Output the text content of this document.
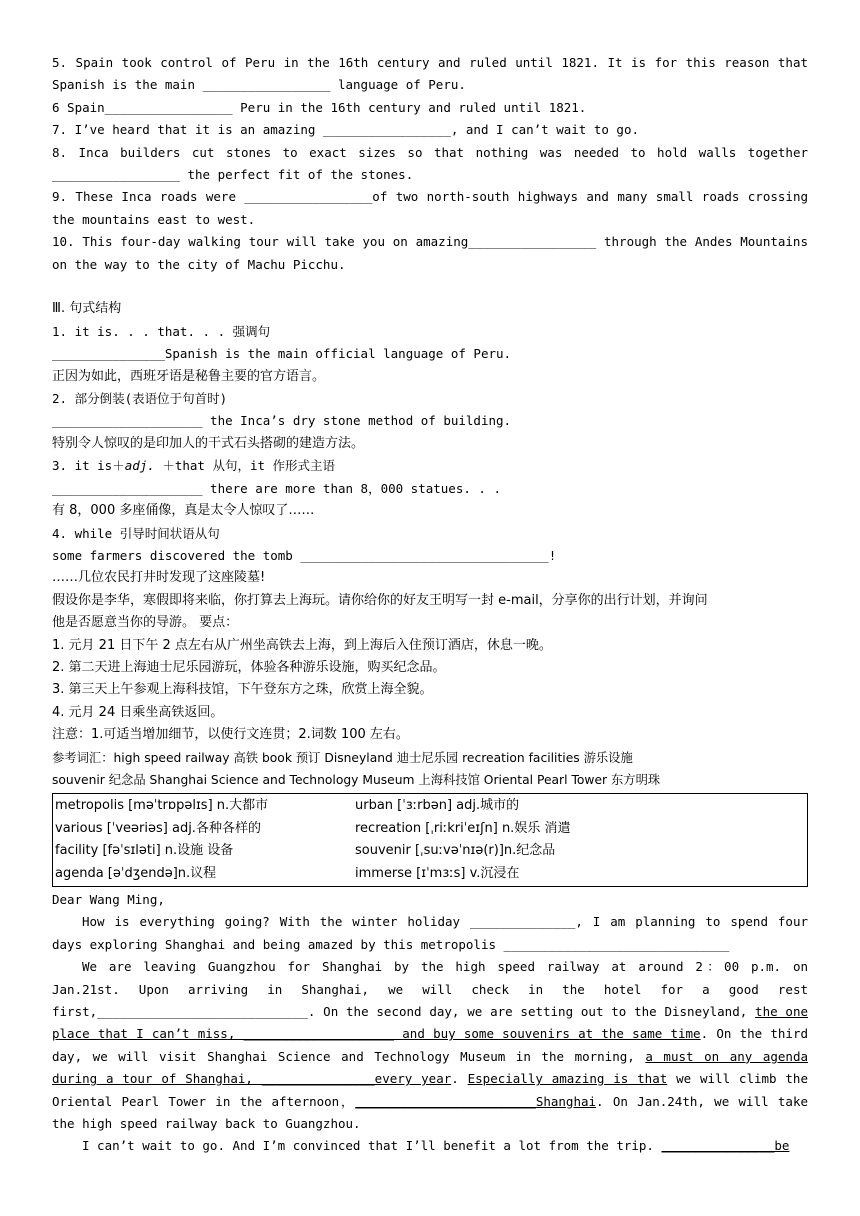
5. Spain took control of Peru in the 16th century and ruled until 1821. It is for this reason that

Spanish is the main _________________ language of Peru.

6 Spain_________________ Peru in the 16th century and ruled until 1821.

7. I’ve heard that it is an amazing _________________, and I can’t wait to go.

8. Inca builders cut stones to exact sizes so that nothing was needed to hold walls together

_________________ the perfect fit of the stones.

9. These Inca roads were _________________of two north-south highways and many small roads crossing

the mountains east to west.

10. This four-day walking tour will take you on amazing_________________ through the Andes Mountains

on the way to the city of Machu Picchu.

Ⅲ. 句式结构

1. it is. . . that. . . 强调句

_______________Spanish is the main official language of Peru.

正因为如此，西班牙语是秘鲁主要的官方语言。

2. 部分倒装(表语位于句首时)

____________________ the Inca’s dry stone method of building.

特别令人惊叹的是印加人的干式石头搭砌的建造方法。

3. it is＋adj. ＋that 从句，it 作形式主语

____________________ there are more than 8，000 statues. . .

有 8，000 多座俑像，真是太令人惊叹了……

4. while 引导时间状语从句

some farmers discovered the tomb _________________________________!

……几位农民打井时发现了这座陵墓!

假设你是李华，寒假即将来临，你打算去上海玩。请你给你的好友王明写一封 e-mail，分享你的出行计划，并询问

他是否愿意当你的导游。 要点：

1. 元月 21 日下午 2 点左右从广州坐高铁去上海，到上海后入住预订酒店，休息一晚。

2. 第二天进上海迪士尼乐园游玩，体验各种游乐设施，购买纪念品。

3. 第三天上午参观上海科技馆，下午登东方之珠，欣赏上海全貌。

4. 元月 24 日乘坐高铁返回。

注意：1.可适当增加细节，以使行文连贯；2.词数 100 左右。

参考词汇：high speed railway 高铁 book 预订 Disneyland 迪士尼乐园 recreation facilities 游乐设施

souvenir 纪念品 Shanghai Science and Technology Museum 上海科技馆 Oriental Pearl Tower 东方明珠

metropolis [məˈtrɒpəlɪs] n.大都市	urban [ˈɜːrbən] adj.城市的
various [ˈveəriəs] adj.各种各样的	recreation [ˌriːkriˈeɪʃn] n.娱乐 消遣
facility [fəˈsɪləti] n.设施 设备	souvenir [ˌsuːvəˈnɪə(r)]n.纪念品
agenda [əˈdʒendə]n.议程	immerse [ɪˈmɜːs] v.沉浸在

Dear Wang Ming,

How is everything going? With the winter holiday ______________, I am planning to spend four days exploring Shanghai and being amazed by this metropolis ______________________________

We are leaving Guangzhou for Shanghai by the high speed railway at around 2：00 p.m. on Jan.21st. Upon arriving in Shanghai, we will check in the hotel for a good rest first,____________________________. On the second day, we are setting out to the Disneyland, the one place that I can’t miss, ____________________ and buy some souvenirs at the same time. On the third day, we will visit Shanghai Science and Technology Museum in the morning, a must on any agenda during a tour of Shanghai, _______________every year. Especially amazing is that we will climb the Oriental Pearl Tower in the afternoon，________________________Shanghai. On Jan.24th, we will take the high speed railway back to Guangzhou.

I can’t wait to go. And I’m convinced that I’ll benefit a lot from the trip. _______________be
